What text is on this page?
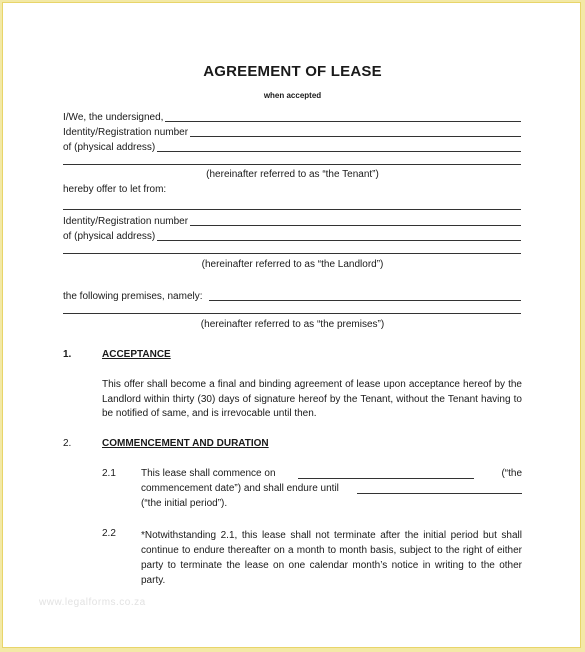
AGREEMENT OF LEASE
when accepted
I/We, the undersigned,
Identity/Registration number
of (physical address)
(hereinafter referred to as “the Tenant”)
hereby offer to let from:
Identity/Registration number
of (physical address)
(hereinafter referred to as “the Landlord”)
the following premises, namely:
(hereinafter referred to as “the premises”)
1.	ACCEPTANCE
This offer shall become a final and binding agreement of lease upon acceptance hereof by the Landlord within thirty (30) days of signature hereof by the Tenant, without the Tenant having to be notified of same, and is irrevocable until then.
2.	COMMENCEMENT AND DURATION
2.1	This lease shall commence on	(“the
commencement date”) and shall endure until
(“the initial period”).
2.2	*Notwithstanding 2.1, this lease shall not terminate after the initial period but shall continue to endure thereafter on a month to month basis, subject to the right of either party to terminate the lease on one calendar month’s notice in writing to the other party.
www.legalforms.co.za
